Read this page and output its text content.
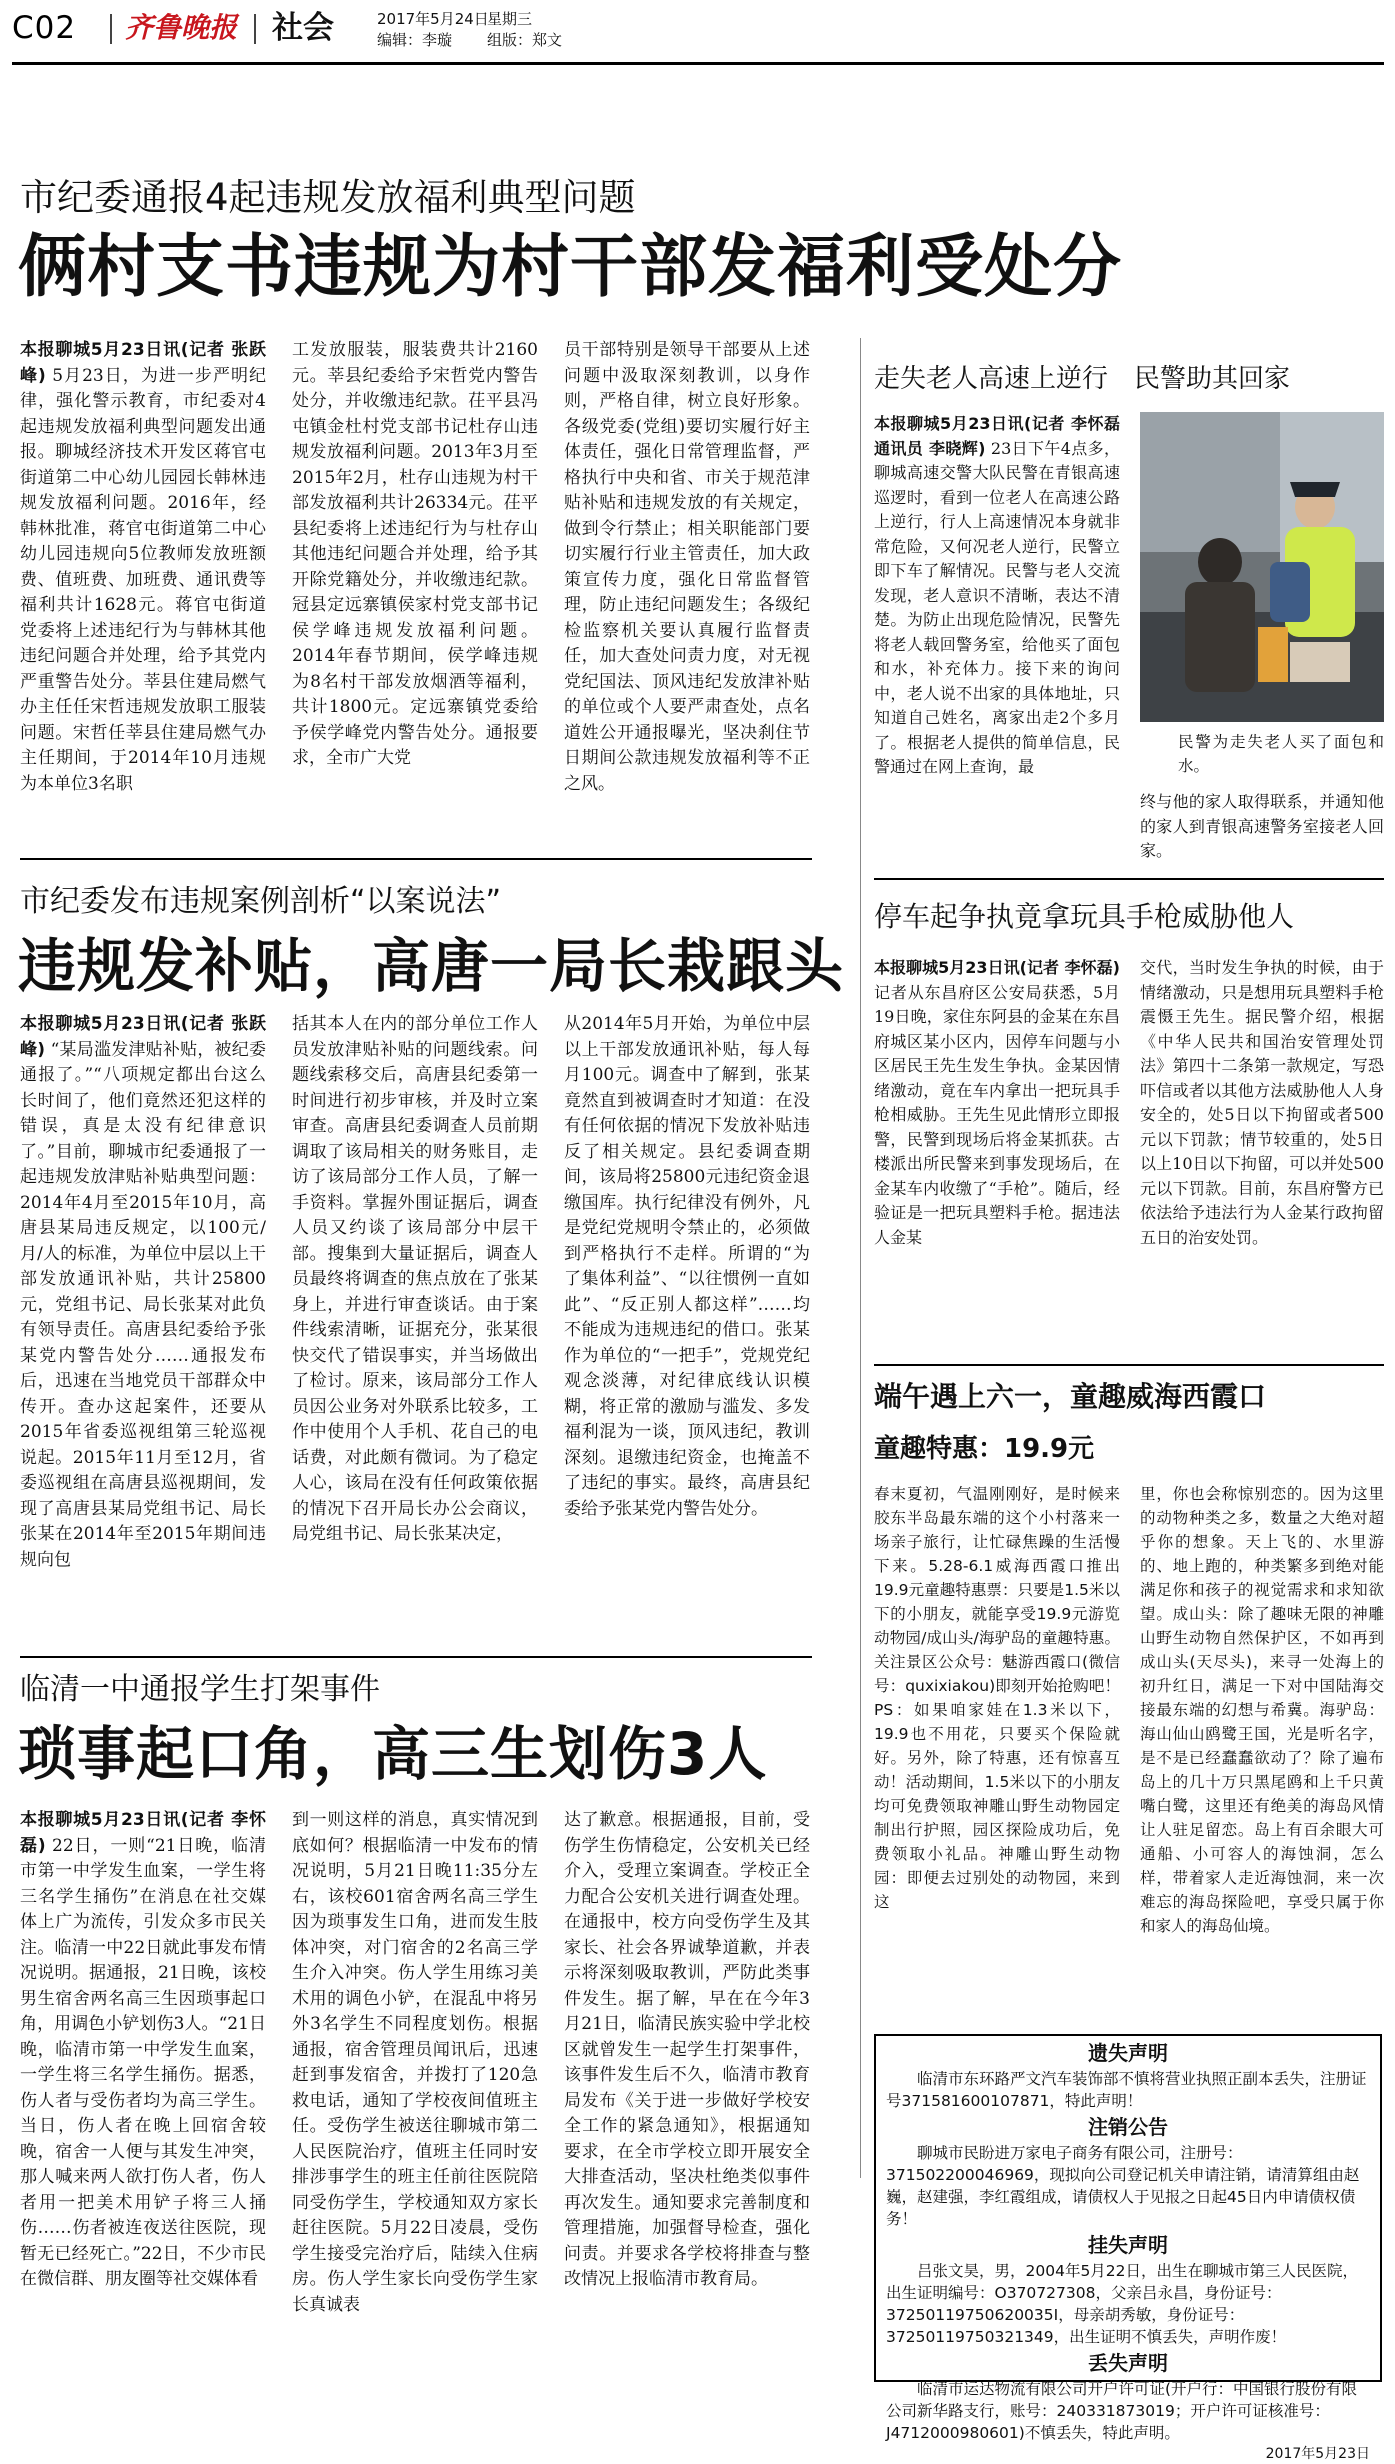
C02 齐鲁晚报 社会	2017年5月24日
星期三
编辑：李璇 组版：郑文
市纪委通报4起违规发放福利典型问题
俩村支书违规为村干部发福利受处分

本报聊城5月23日讯(记者 张跃峰) 5月23日，为进一步严明纪律，强化警示教育，市纪委对4起违规发放福利典型问题发出通报。聊城经济技术开发区蒋官屯街道第二中心幼儿园园长韩林违规发放福利问题。2016年，经韩林批准，蒋官屯街道第二中心幼儿园违规向5位教师发放班额费、值班费、加班费、通讯费等福利共计1628元。蒋官屯街道党委将上述违纪行为与韩林其他违纪问题合并处理，给予其党内严重警告处分。莘县住建局燃气办主任任宋哲违规发放职工服装问题。宋哲任莘县住建局燃气办主任期间，于2014年10月违规为本单位3名职

工发放服装，服装费共计2160元。莘县纪委给予宋哲党内警告处分，并收缴违纪款。茌平县冯屯镇金杜村党支部书记杜存山违规发放福利问题。2013年3月至2015年2月，杜存山违规为村干部发放福利共计26334元。茌平县纪委将上述违纪行为与杜存山其他违纪问题合并处理，给予其开除党籍处分，并收缴违纪款。冠县定远寨镇侯家村党支部书记侯学峰违规发放福利问题。2014年春节期间，侯学峰违规为8名村干部发放烟酒等福利，共计1800元。定远寨镇党委给予侯学峰党内警告处分。通报要求，全市广大党

员干部特别是领导干部要从上述问题中汲取深刻教训，以身作则，严格自律，树立良好形象。各级党委(党组)要切实履行好主体责任，强化日常管理监督，严格执行中央和省、市关于规范津贴补贴和违规发放的有关规定，做到令行禁止；相关职能部门要切实履行行业主管责任，加大政策宣传力度，强化日常监督管理，防止违纪问题发生；各级纪检监察机关要认真履行监督责任，加大查处问责力度，对无视党纪国法、顶风违纪发放津补贴的单位或个人要严肃查处，点名道姓公开通报曝光，坚决刹住节日期间公款违规发放福利等不正之风。

走失老人高速上逆行　民警助其回家

本报聊城5月23日讯(记者 李怀磊　通讯员 李晓辉) 23日下午4点多，聊城高速交警大队民警在青银高速巡逻时，看到一位老人在高速公路上逆行，行人上高速情况本身就非常危险，又何况老人逆行，民警立即下车了解情况。民警与老人交流发现，老人意识不清晰，表达不清楚。为防止出现危险情况，民警先将老人载回警务室，给他买了面包和水，补充体力。接下来的询问中，老人说不出家的具体地址，只知道自己姓名，离家出走2个多月了。根据老人提供的简单信息，民警通过在网上查询，最

民警为走失老人买了面包和水。

终与他的家人取得联系，并通知他的家人到青银高速警务室接老人回家。

市纪委发布违规案例剖析“以案说法”
违规发补贴，高唐一局长栽跟头

本报聊城5月23日讯(记者 张跃峰) “某局滥发津贴补贴，被纪委通报了。”“八项规定都出台这么长时间了，他们竟然还犯这样的错误，真是太没有纪律意识了。”目前，聊城市纪委通报了一起违规发放津贴补贴典型问题：2014年4月至2015年10月，高唐县某局违反规定，以100元/月/人的标准，为单位中层以上干部发放通讯补贴，共计25800元，党组书记、局长张某对此负有领导责任。高唐县纪委给予张某党内警告处分……通报发布后，迅速在当地党员干部群众中传开。查办这起案件，还要从2015年省委巡视组第三轮巡视说起。2015年11月至12月，省委巡视组在高唐县巡视期间，发现了高唐县某局党组书记、局长张某在2014年至2015年期间违规向包

括其本人在内的部分单位工作人员发放津贴补贴的问题线索。问题线索移交后，高唐县纪委第一时间进行初步审核，并及时立案审查。高唐县纪委调查人员前期调取了该局相关的财务账目，走访了该局部分工作人员，了解一手资料。掌握外围证据后，调查人员又约谈了该局部分中层干部。搜集到大量证据后，调查人员最终将调查的焦点放在了张某身上，并进行审查谈话。由于案件线索清晰，证据充分，张某很快交代了错误事实，并当场做出了检讨。原来，该局部分工作人员因公业务对外联系比较多，工作中使用个人手机、花自己的电话费，对此颇有微词。为了稳定人心，该局在没有任何政策依据的情况下召开局长办公会商议，局党组书记、局长张某决定，

从2014年5月开始，为单位中层以上干部发放通讯补贴，每人每月100元。调查中了解到，张某竟然直到被调查时才知道：在没有任何依据的情况下发放补贴违反了相关规定。县纪委调查期间，该局将25800元违纪资金退缴国库。执行纪律没有例外，凡是党纪党规明令禁止的，必须做到严格执行不走样。所谓的“为了集体利益”、“以往惯例一直如此”、“反正别人都这样”……均不能成为违规违纪的借口。张某作为单位的“一把手”，党规党纪观念淡薄，对纪律底线认识模糊，将正常的激励与滥发、多发福利混为一谈，顶风违纪，教训深刻。退缴违纪资金，也掩盖不了违纪的事实。最终，高唐县纪委给予张某党内警告处分。

停车起争执竟拿玩具手枪威胁他人

本报聊城5月23日讯(记者 李怀磊) 记者从东昌府区公安局获悉，5月19日晚，家住东阿县的金某在东昌府城区某小区内，因停车问题与小区居民王先生发生争执。金某因情绪激动，竟在车内拿出一把玩具手枪相威胁。王先生见此情形立即报警，民警到现场后将金某抓获。古楼派出所民警来到事发现场后，在金某车内收缴了“手枪”。随后，经验证是一把玩具塑料手枪。据违法人金某

交代，当时发生争执的时候，由于情绪激动，只是想用玩具塑料手枪震慑王先生。据民警介绍，根据《中华人民共和国治安管理处罚法》第四十二条第一款规定，写恐吓信或者以其他方法威胁他人人身安全的，处5日以下拘留或者500元以下罚款；情节较重的，处5日以上10日以下拘留，可以并处500元以下罚款。目前，东昌府警方已依法给予违法行为人金某行政拘留五日的治安处罚。

端午遇上六一，童趣威海西霞口
童趣特惠：19.9元

春末夏初，气温刚刚好，是时候来胶东半岛最东端的这个小村落来一场亲子旅行，让忙碌焦躁的生活慢下来。5.28-6.1威海西霞口推出19.9元童趣特惠票：只要是1.5米以下的小朋友，就能享受19.9元游览动物园/成山头/海驴岛的童趣特惠。关注景区公众号：魅游西霞口(微信号：quxixiakou)即刻开始抢购吧！PS：如果咱家娃在1.3米以下，19.9也不用花，只要买个保险就好。另外，除了特惠，还有惊喜互动！活动期间，1.5米以下的小朋友均可免费领取神雕山野生动物园定制出行护照，园区探险成功后，免费领取小礼品。神雕山野生动物园：即便去过别处的动物园，来到这

里，你也会称惊别恋的。因为这里的动物种类之多，数量之大绝对超乎你的想象。天上飞的、水里游的、地上跑的，种类繁多到绝对能满足你和孩子的视觉需求和求知欲望。成山头：除了趣味无限的神雕山野生动物自然保护区，不如再到成山头(天尽头)，来寻一处海上的初升红日，满足一下对中国陆海交接最东端的幻想与希冀。海驴岛：海山仙山鸥鹭王国，光是听名字，是不是已经蠢蠢欲动了？除了遍布岛上的几十万只黑尾鸥和上千只黄嘴白鹭，这里还有绝美的海岛风情让人驻足留恋。岛上有百余眼大可通船、小可容人的海蚀洞，怎么样，带着家人走近海蚀洞，来一次难忘的海岛探险吧，享受只属于你和家人的海岛仙境。

临清一中通报学生打架事件
琐事起口角，高三生划伤3人

本报聊城5月23日讯(记者 李怀磊) 22日，一则“21日晚，临清市第一中学发生血案，一学生将三名学生捅伤”在消息在社交媒体上广为流传，引发众多市民关注。临清一中22日就此事发布情况说明。据通报，21日晚，该校男生宿舍两名高三生因琐事起口角，用调色小铲划伤3人。“21日晚，临清市第一中学发生血案，一学生将三名学生捅伤。据悉，伤人者与受伤者均为高三学生。当日，伤人者在晚上回宿舍较晚，宿舍一人便与其发生冲突，那人喊来两人欲打伤人者，伤人者用一把美术用铲子将三人捅伤……伤者被连夜送往医院，现暂无已经死亡。”22日，不少市民在微信群、朋友圈等社交媒体看

到一则这样的消息，真实情况到底如何？根据临清一中发布的情况说明，5月21日晚11:35分左右，该校601宿舍两名高三学生因为琐事发生口角，进而发生肢体冲突，对门宿舍的2名高三学生介入冲突。伤人学生用练习美术用的调色小铲，在混乱中将另外3名学生不同程度划伤。根据通报，宿舍管理员闻讯后，迅速赶到事发宿舍，并拨打了120急救电话，通知了学校夜间值班主任。受伤学生被送往聊城市第二人民医院治疗，值班主任同时安排涉事学生的班主任前往医院陪同受伤学生，学校通知双方家长赶往医院。5月22日凌晨，受伤学生接受完治疗后，陆续入住病房。伤人学生家长向受伤学生家长真诚表

达了歉意。根据通报，目前，受伤学生伤情稳定，公安机关已经介入，受理立案调查。学校正全力配合公安机关进行调查处理。在通报中，校方向受伤学生及其家长、社会各界诚挚道歉，并表示将深刻吸取教训，严防此类事件发生。据了解，早在在今年3月21日，临清民族实验中学北校区就曾发生一起学生打架事件，该事件发生后不久，临清市教育局发布《关于进一步做好学校安全工作的紧急通知》，根据通知要求，在全市学校立即开展安全大排查活动，坚决杜绝类似事件再次发生。通知要求完善制度和管理措施，加强督导检查，强化问责。并要求各学校将排查与整改情况上报临清市教育局。

遗失声明

临清市东环路严文汽车装饰部不慎将营业执照正副本丢失，注册证号371581600107871，特此声明！

注销公告

聊城市民盼进万家电子商务有限公司，注册号：371502200046969，现拟向公司登记机关申请注销，请清算组由赵巍，赵建强，李红霞组成，请债权人于见报之日起45日内申请债权债务！

挂失声明

吕张文昊，男，2004年5月22日，出生在聊城市第三人民医院，出生证明编号：O370727308，父亲吕永昌，身份证号：37250119750620035I，母亲胡秀敏，身份证号：37250119750321349，出生证明不慎丢失，声明作废！

丢失声明

临清市运达物流有限公司开户许可证(开户行：中国银行股份有限公司新华路支行，账号：240331873019；开户许可证核准号：J4712000980601)不慎丢失，特此声明。

2017年5月23日
